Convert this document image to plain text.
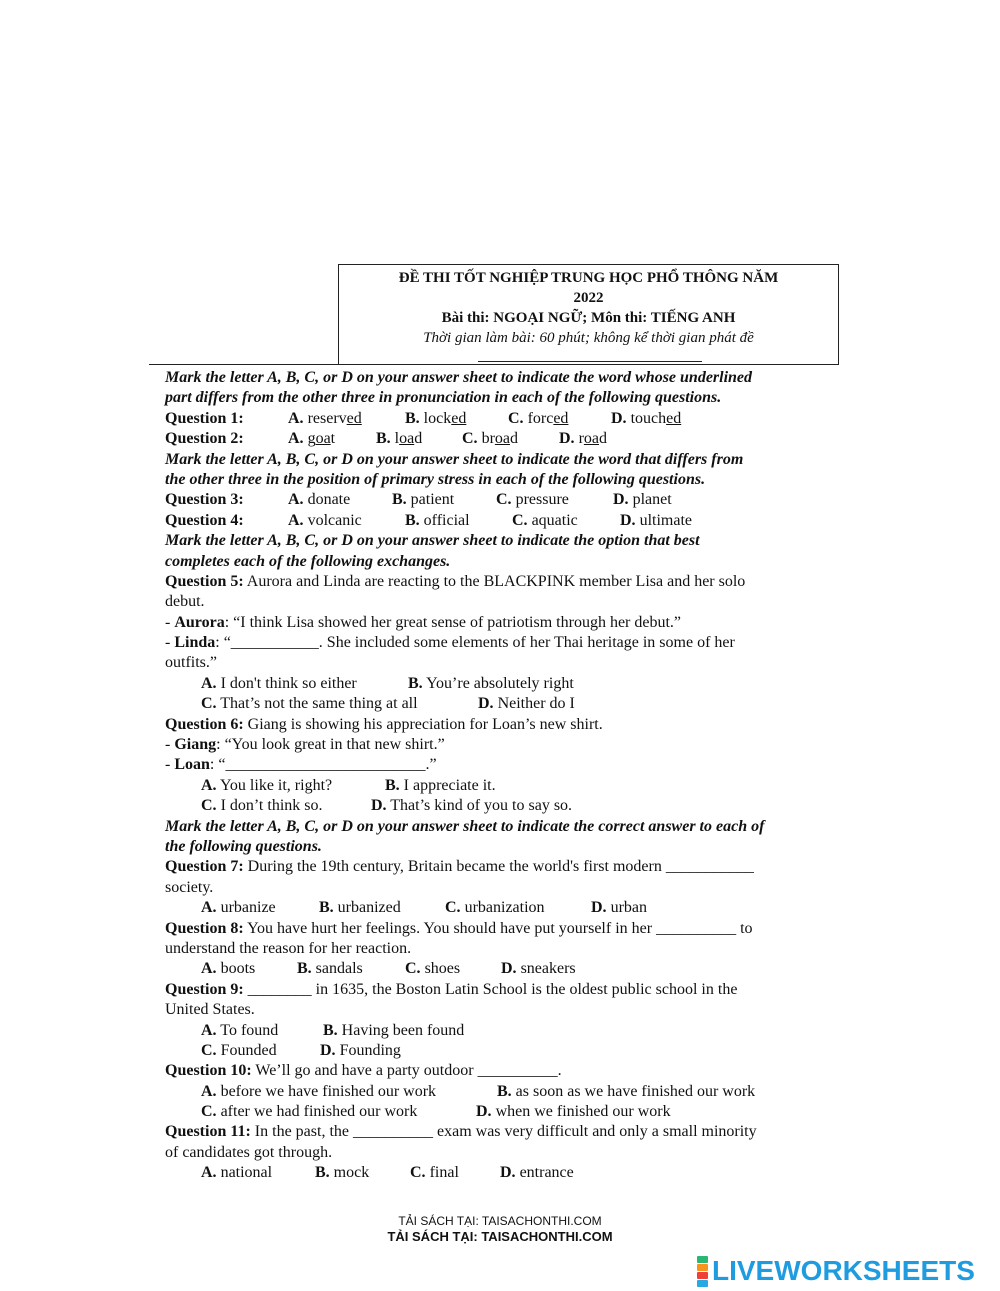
ĐỀ THI TỐT NGHIỆP TRUNG HỌC PHỔ THÔNG NĂM
2022
Bài thi: NGOẠI NGỮ; Môn thi: TIẾNG ANH
Thời gian làm bài: 60 phút; không kể thời gian phát đề
Mark the letter A, B, C, or D on your answer sheet to indicate the word whose underlined
part differs from the other three in pronunciation in each of the following questions.
Question 1:	A. reserved	B. locked	C. forced	D. touched
Question 2:	A. goat	B. load C. broad	D. road
Mark the letter A, B, C, or D on your answer sheet to indicate the word that differs from
the other three in the position of primary stress in each of the following questions.
Question 3:	A. donate	B. patient	C. pressure	D. planet
Question 4:	A. volcanic	B. official	C. aquatic	D. ultimate
Mark the letter A, B, C, or D on your answer sheet to indicate the option that best
completes each of the following exchanges.
Question 5: Aurora and Linda are reacting to the BLACKPINK member Lisa and her solo
debut.
- Aurora: “I think Lisa showed her great sense of patriotism through her debut.”
- Linda: “___________. She included some elements of her Thai heritage in some of her
outfits.”
A. I don't think so either	B. You’re absolutely right
C. That’s not the same thing at all	D. Neither do I
Question 6: Giang is showing his appreciation for Loan’s new shirt.
- Giang: “You look great in that new shirt.”
- Loan: “_________________________.”
A. You like it, right?	B. I appreciate it.
C. I don’t think so.	D. That’s kind of you to say so.
Mark the letter A, B, C, or D on your answer sheet to indicate the correct answer to each of
the following questions.
Question 7: During the 19th century, Britain became the world's first modern ___________
society.
A. urbanize	B. urbanized	C. urbanization	D. urban
Question 8: You have hurt her feelings. You should have put yourself in her __________ to
understand the reason for her reaction.
A. boots	B. sandals	C. shoes	D. sneakers
Question 9: ________ in 1635, the Boston Latin School is the oldest public school in the
United States.
A. To found	B. Having been found
C. Founded	D. Founding
Question 10: We’ll go and have a party outdoor __________.
A. before we have finished our work	B. as soon as we have finished our work
C. after we had finished our work	D. when we finished our work
Question 11: In the past, the __________ exam was very difficult and only a small minority
of candidates got through.
A. national	B. mock	C. final	D. entrance
TẢI SÁCH TẠI: TAISACHONTHI.COM
TẢI SÁCH TẠI: TAISACHONTHI.COM
LIVEWORKSHEETS
